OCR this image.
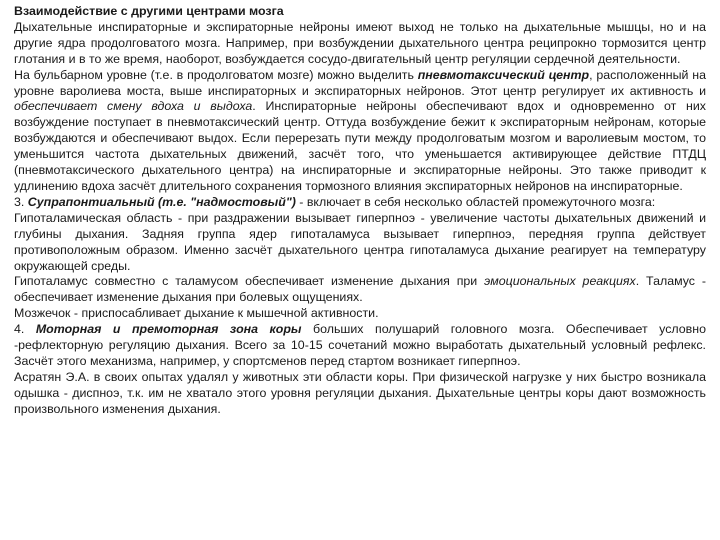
Взаимодействие с другими центрами мозга

Дыхательные инспираторные и экспираторные нейроны имеют выход не только на дыхательные мышцы, но и на другие ядра продолговатого мозга. Например, при возбуждении дыхательного центра реципрокно тормозится центр глотания и в то же время, наоборот, возбуждается сосудо-двигательный центр регуляции сердечной деятельности.

На бульбарном уровне (т.е. в продолговатом мозге) можно выделить пневмотаксический центр, расположенный на уровне варолиева моста, выше инспираторных и экспираторных нейронов. Этот центр регулирует их активность и обеспечивает смену вдоха и выдоха. Инспираторные нейроны обеспечивают вдох и одновременно от них возбуждение поступает в пневмотаксический центр. Оттуда возбуждение бежит к экспираторным нейронам, которые возбуждаются и обеспечивают выдох. Если перерезать пути между продолговатым мозгом и варолиевым мостом, то уменьшится частота дыхательных движений, засчёт того, что уменьшается активирующее действие ПТДЦ (пневмотаксического дыхательного центра) на инспираторные и экспираторные нейроны. Это также приводит к удлинению вдоха засчёт длительного сохранения тормозного влияния экспираторных нейронов на инспираторные.

3. Супрапонтиальный (т.е. "надмостовый") - включает в себя несколько областей промежуточного мозга:

Гипоталамическая область - при раздражении вызывает гиперпноэ - увеличение частоты дыхательных движений и глубины дыхания. Задняя группа ядер гипоталамуса вызывает гиперпноэ, передняя группа действует противоположным образом. Именно засчёт дыхательного центра гипоталамуса дыхание реагирует на температуру окружающей среды.

Гипоталамус совместно с таламусом обеспечивает изменение дыхания при эмоциональных реакциях. Таламус - обеспечивает изменение дыхания при болевых ощущениях.

Мозжечок - приспосабливает дыхание к мышечной активности.

4. Моторная и премоторная зона коры больших полушарий головного мозга. Обеспечивает условно -рефлекторную регуляцию дыхания. Всего за 10-15 сочетаний можно выработать дыхательный условный рефлекс. Засчёт этого механизма, например, у спортсменов перед стартом возникает гиперпноэ.

Асратян Э.А. в своих опытах удалял у животных эти области коры. При физической нагрузке у них быстро возникала одышка - диспноэ, т.к. им не хватало этого уровня регуляции дыхания. Дыхательные центры коры дают возможность произвольного изменения дыхания.
